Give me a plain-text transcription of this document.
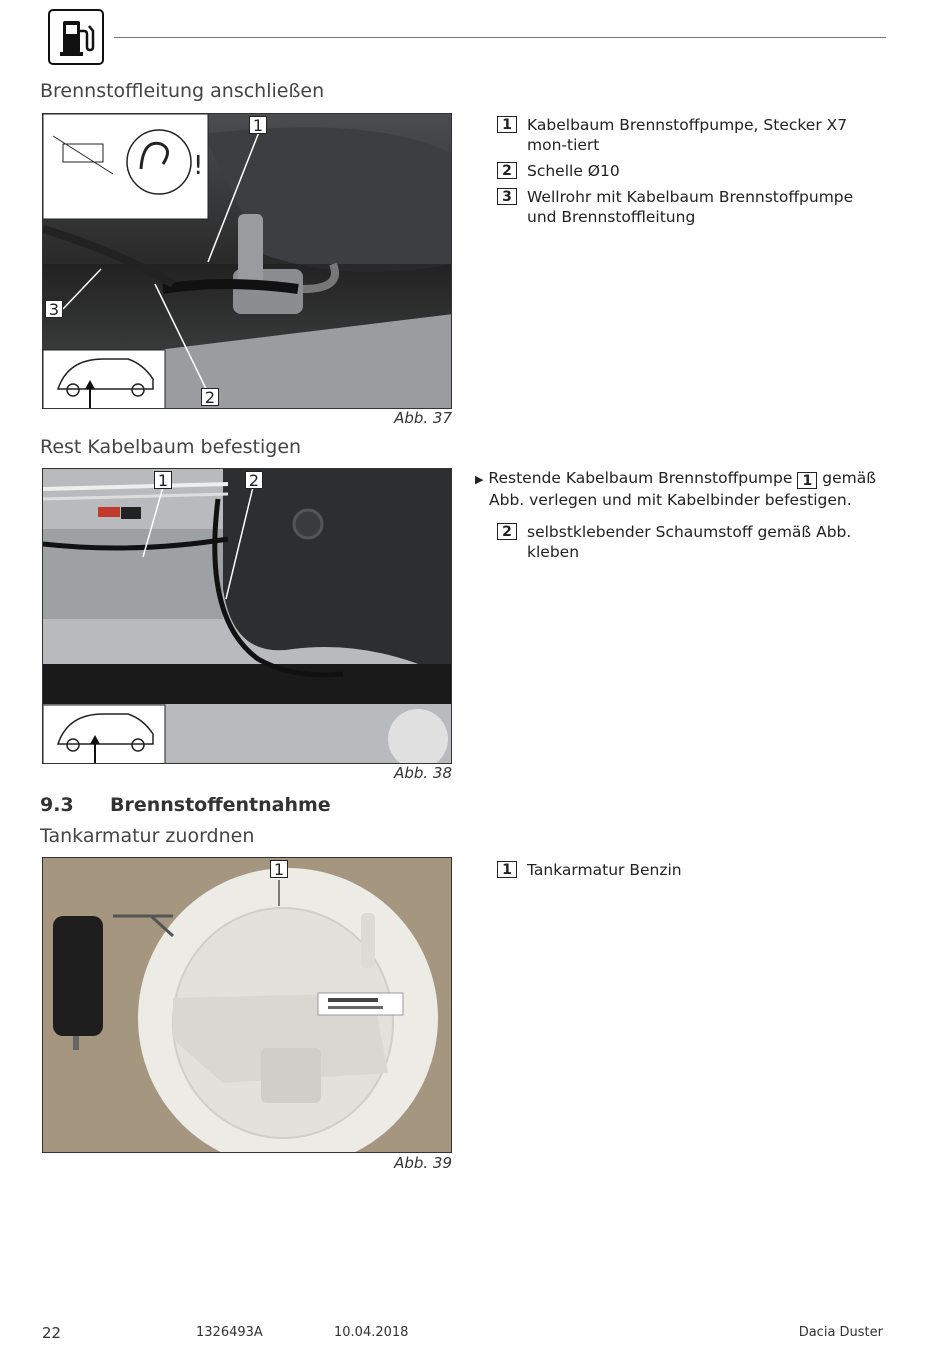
Brennstoffleitung anschließen
!
1
2
3
Abb. 37
1 Kabelbaum Brennstoffpumpe, Stecker X7 mon-tiert
2 Schelle Ø10
3 Wellrohr mit Kabelbaum Brennstoffpumpe und Brennstoffleitung
Rest Kabelbaum befestigen
1	2
Abb. 38
▶ Restende Kabelbaum Brennstoffpumpe 1 gemäß
Abb. verlegen und mit Kabelbinder befestigen.
2 selbstklebender Schaumstoff gemäß Abb. kleben
9.3 Brennstoffentnahme
Tankarmatur zuordnen
1
Abb. 39
1 Tankarmatur Benzin
22	1326493A	10.04.2018	Dacia Duster
